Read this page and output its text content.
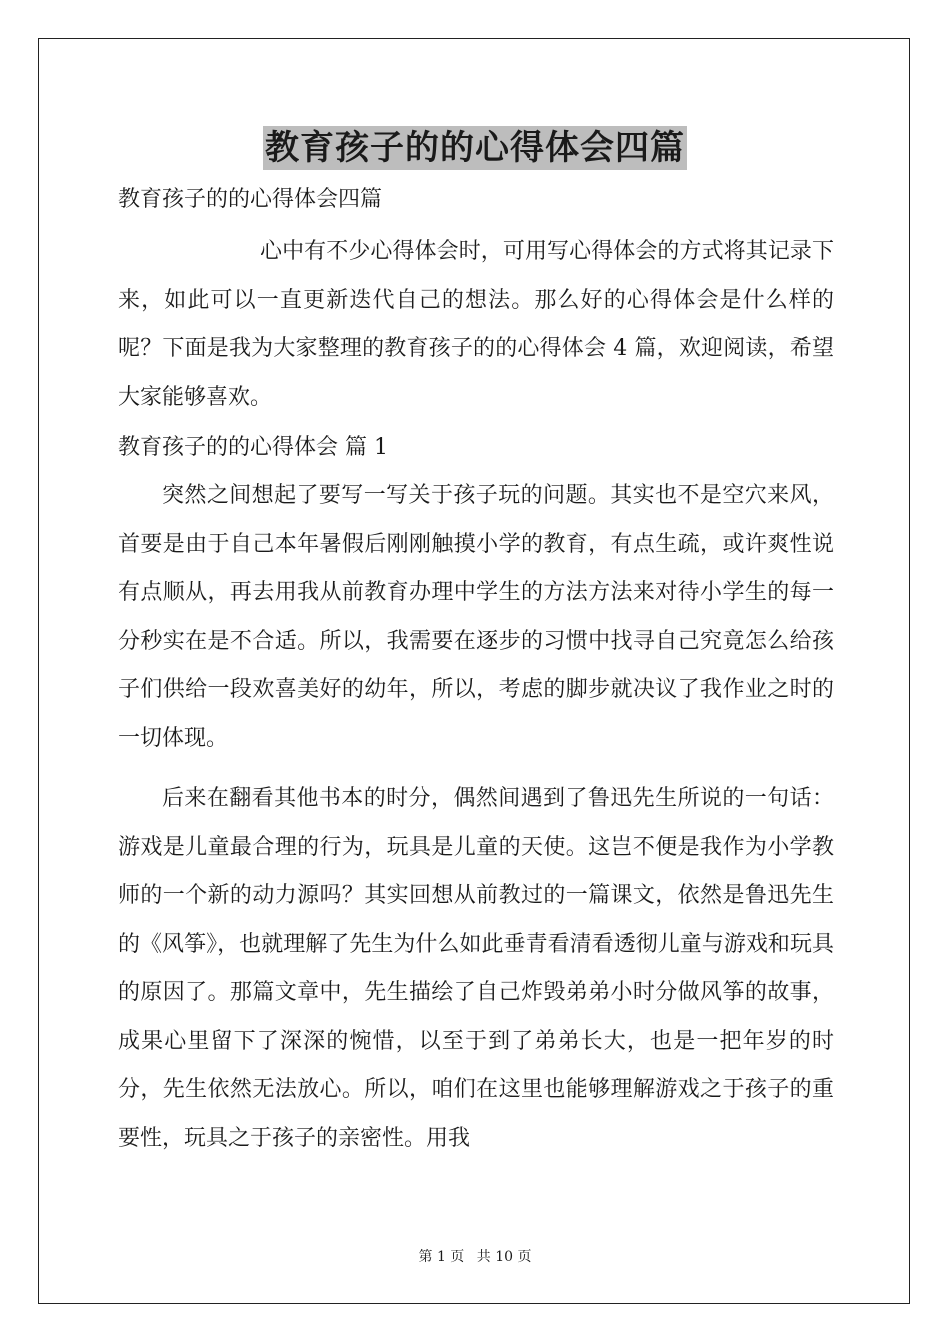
教育孩子的的心得体会四篇
教育孩子的的心得体会四篇
心中有不少心得体会时，可用写心得体会的方式将其记录下来，如此可以一直更新迭代自己的想法。那么好的心得体会是什么样的呢？下面是我为大家整理的教育孩子的的心得体会 4 篇，欢迎阅读，希望大家能够喜欢。
教育孩子的的心得体会 篇 1
突然之间想起了要写一写关于孩子玩的问题。其实也不是空穴来风，首要是由于自己本年暑假后刚刚触摸小学的教育，有点生疏，或许爽性说有点顺从，再去用我从前教育办理中学生的方法方法来对待小学生的每一分秒实在是不合适。所以，我需要在逐步的习惯中找寻自己究竟怎么给孩子们供给一段欢喜美好的幼年，所以，考虑的脚步就决议了我作业之时的一切体现。
后来在翻看其他书本的时分，偶然间遇到了鲁迅先生所说的一句话：游戏是儿童最合理的行为，玩具是儿童的天使。这岂不便是我作为小学教师的一个新的动力源吗？其实回想从前教过的一篇课文，依然是鲁迅先生的《风筝》，也就理解了先生为什么如此垂青看清看透彻儿童与游戏和玩具的原因了。那篇文章中，先生描绘了自己炸毁弟弟小时分做风筝的故事，成果心里留下了深深的惋惜，以至于到了弟弟长大，也是一把年岁的时分，先生依然无法放心。所以，咱们在这里也能够理解游戏之于孩子的重要性，玩具之于孩子的亲密性。用我
第 1 页 共 10 页
